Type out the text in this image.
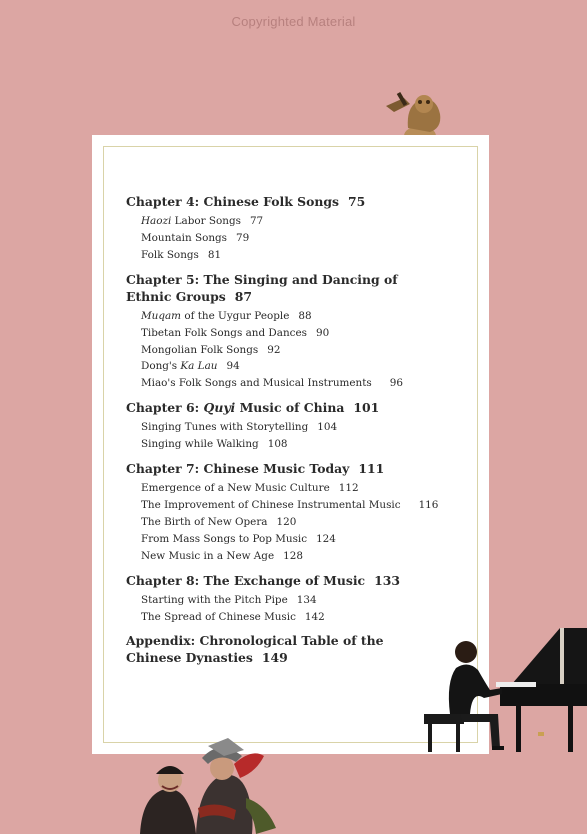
Copyrighted Material
Chapter 4: Chinese Folk Songs 75
Haozi Labor Songs 77
Mountain Songs 79
Folk Songs 81
Chapter 5: The Singing and Dancing of Ethnic Groups 87
Muqam of the Uygur People 88
Tibetan Folk Songs and Dances 90
Mongolian Folk Songs 92
Dong's Ka Lau 94
Miao's Folk Songs and Musical Instruments 96
Chapter 6: Quyi Music of China 101
Singing Tunes with Storytelling 104
Singing while Walking 108
Chapter 7: Chinese Music Today 111
Emergence of a New Music Culture 112
The Improvement of Chinese Instrumental Music 116
The Birth of New Opera 120
From Mass Songs to Pop Music 124
New Music in a New Age 128
Chapter 8: The Exchange of Music 133
Starting with the Pitch Pipe 134
The Spread of Chinese Music 142
Appendix: Chronological Table of the Chinese Dynasties 149
